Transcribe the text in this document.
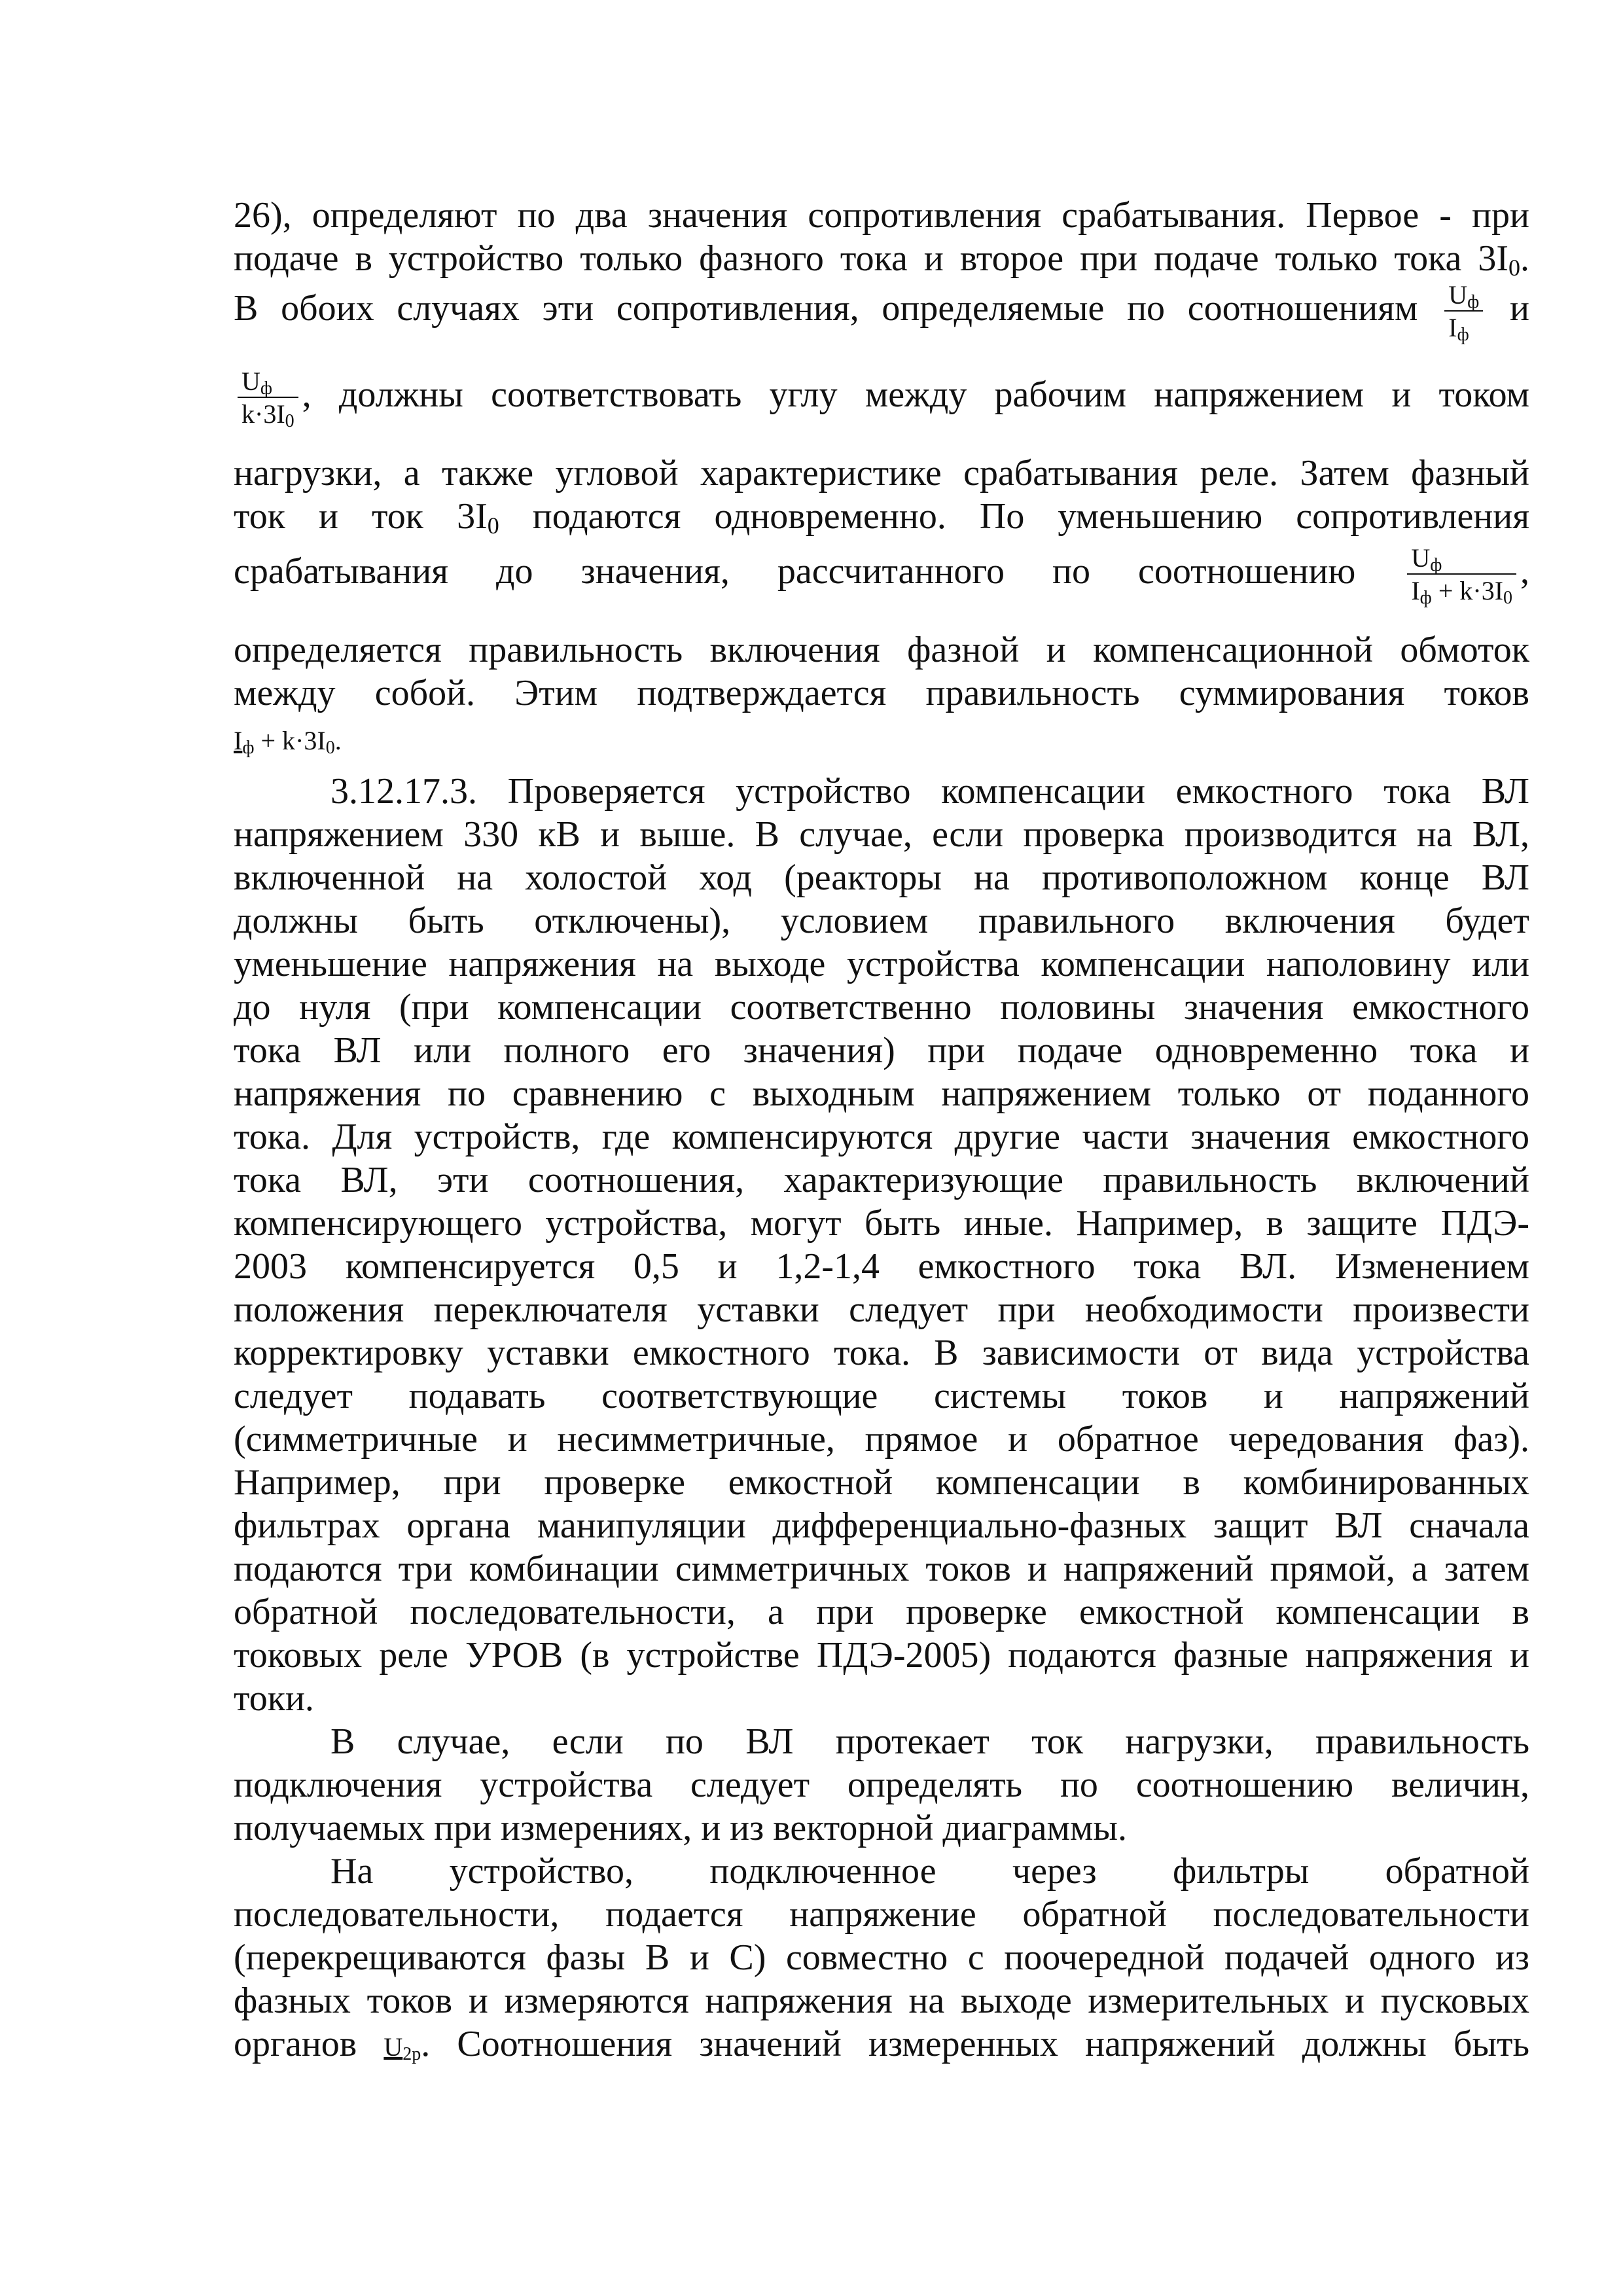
26), определяют по два значения сопротивления срабатывания. Первое - при
подаче в устройство только фазного тока и второе при подаче только тока $3I_0$.
В обоих случаях эти сопротивления, определяемые по соотношениям $\frac{U_ф}{I_ф}$ и
$\frac{U_ф}{k\cdot 3I_0}$ , должны соответствовать углу между рабочим напряжением и током
нагрузки, а также угловой характеристике срабатывания реле. Затем фазный
ток и ток $3I_0$ подаются одновременно. По уменьшению сопротивления
срабатывания до значения, рассчитанного по соотношению $\frac{U_ф}{I_ф + k\cdot 3I_0}$ ,
определяется правильность включения фазной и компенсационной обмоток
между собой. Этим подтверждается правильность суммирования токов
$I_ф + k\cdot 3I_0$.
3.12.17.3. Проверяется устройство компенсации емкостного тока ВЛ
напряжением 330 кВ и выше. В случае, если проверка производится на ВЛ,
включенной на холостой ход (реакторы на противоположном конце ВЛ
должны быть отключены), условием правильного включения будет
уменьшение напряжения на выходе устройства компенсации наполовину или
до нуля (при компенсации соответственно половины значения емкостного
тока ВЛ или полного его значения) при подаче одновременно тока и
напряжения по сравнению с выходным напряжением только от поданного
тока. Для устройств, где компенсируются другие части значения емкостного
тока ВЛ, эти соотношения, характеризующие правильность включений
компенсирующего устройства, могут быть иные. Например, в защите ПДЭ-
2003 компенсируется 0,5 и 1,2-1,4 емкостного тока ВЛ. Изменением
положения переключателя уставки следует при необходимости произвести
корректировку уставки емкостного тока. В зависимости от вида устройства
следует подавать соответствующие системы токов и напряжений
(симметричные и несимметричные, прямое и обратное чередования фаз).
Например, при проверке емкостной компенсации в комбинированных
фильтрах органа манипуляции дифференциально-фазных защит ВЛ сначала
подаются три комбинации симметричных токов и напряжений прямой, а затем
обратной последовательности, а при проверке емкостной компенсации в
токовых реле УРОВ (в устройстве ПДЭ-2005) подаются фазные напряжения и
токи.
В случае, если по ВЛ протекает ток нагрузки, правильность
подключения устройства следует определять по соотношению величин,
получаемых при измерениях, и из векторной диаграммы.
На устройство, подключенное через фильтры обратной
последовательности, подается напряжение обратной последовательности
(перекрещиваются фазы В и С) совместно с поочередной подачей одного из
фазных токов и измеряются напряжения на выходе измерительных и пусковых
органов $U_{2р}$. Соотношения значений измеренных напряжений должны быть
